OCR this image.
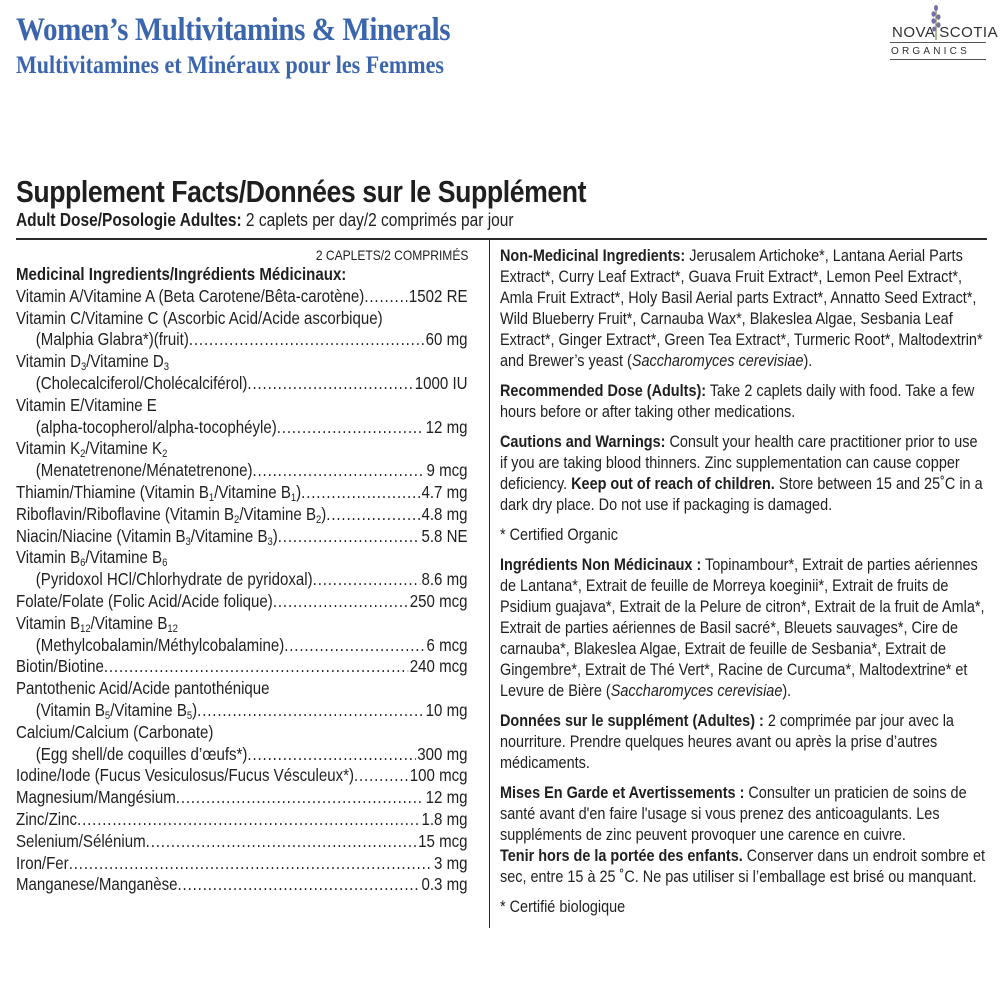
Women’s Multivitamins & Minerals
Multivitamines et Minéraux pour les Femmes
NOVA SCOTIA
ORGANICS
Supplement Facts/Données sur le Supplément
Adult Dose/Posologie Adultes: 2 caplets per day/2 comprimés par jour
2 CAPLETS/2 COMPRIMÉS
Medicinal Ingredients/Ingrédients Médicinaux:
Vitamin A/Vitamine A (Beta Carotene/Bêta-carotène) .....	1502 RE
Vitamin C/Vitamine C (Ascorbic Acid/Acide ascorbique)
(Malphia Glabra*)(fruit) .....	60 mg
Vitamin $D_3$/Vitamine $D_3$
(Cholecalciferol/Cholécalciférol) .....	1000 IU
Vitamin E/Vitamine E
(alpha-tocopherol/alpha-tocophéyle) .....	12 mg
Vitamin $K_2$/Vitamine $K_2$
(Menatetrenone/Ménatetrenone) .....	9 mcg
Thiamin/Thiamine (Vitamin $B_1$/Vitamine $B_1$) .....	4.7 mg
Riboflavin/Riboflavine (Vitamin $B_2$/Vitamine $B_2$) .....	4.8 mg
Niacin/Niacine (Vitamin $B_3$/Vitamine $B_3$) .....	5.8 NE
Vitamin $B_6$/Vitamine $B_6$
(Pyridoxol HCl/Chlorhydrate de pyridoxal) .....	8.6 mg
Folate/Folate (Folic Acid/Acide folique) .....	250 mcg
Vitamin $B_{12}$/Vitamine $B_{12}$
(Methylcobalamin/Méthylcobalamine) .....	6 mcg
Biotin/Biotine .....	240 mcg
Pantothenic Acid/Acide pantothénique
(Vitamin $B_5$/Vitamine $B_5$) .....	10 mg
Calcium/Calcium (Carbonate)
(Egg shell/de coquilles d’œufs*) .....	300 mg
Iodine/Iode (Fucus Vesiculosus/Fucus Vésculeux*) .....	100 mcg
Magnesium/Mangésium .....	12 mg
Zinc/Zinc .....	1.8 mg
Selenium/Sélénium .....	15 mcg
Iron/Fer .....	3 mg
Manganese/Manganèse .....	0.3 mg

Non-Medicinal Ingredients: Jerusalem Artichoke*, Lantana Aerial Parts Extract*, Curry Leaf Extract*, Guava Fruit Extract*, Lemon Peel Extract*, Amla Fruit Extract*, Holy Basil Aerial parts Extract*, Annatto Seed Extract*, Wild Blueberry Fruit*, Carnauba Wax*, Blakeslea Algae, Sesbania Leaf Extract*, Ginger Extract*, Green Tea Extract*, Turmeric Root*, Maltodextrin* and Brewer’s yeast (Saccharomyces cerevisiae).

Recommended Dose (Adults): Take 2 caplets daily with food. Take a few hours before or after taking other medications.

Cautions and Warnings: Consult your health care practitioner prior to use if you are taking blood thinners. Zinc supplementation can cause copper deficiency. Keep out of reach of children. Store between 15 and 25˚C in a dark dry place. Do not use if packaging is damaged.

* Certified Organic

Ingrédients Non Médicinaux : Topinambour*, Extrait de parties aériennes de Lantana*, Extrait de feuille de Morreya koeginii*, Extrait de fruits de Psidium guajava*, Extrait de la Pelure de citron*, Extrait de la fruit de Amla*, Extrait de parties aériennes de Basil sacré*, Bleuets sauvages*, Cire de carnauba*, Blakeslea Algae, Extrait de feuille de Sesbania*, Extrait de Gingembre*, Extrait de Thé Vert*, Racine de Curcuma*, Maltodextrine* et Levure de Bière (Saccharomyces cerevisiae).

Données sur le supplément (Adultes) : 2 comprimée par jour avec la nourriture. Prendre quelques heures avant ou après la prise d’autres médicaments.

Mises En Garde et Avertissements : Consulter un praticien de soins de santé avant d'en faire l'usage si vous prenez des anticoagulants. Les suppléments de zinc peuvent provoquer une carence en cuivre.
Tenir hors de la portée des enfants. Conserver dans un endroit sombre et sec, entre 15 à 25 ˚C. Ne pas utiliser si l’emballage est brisé ou manquant.

* Certifié biologique
